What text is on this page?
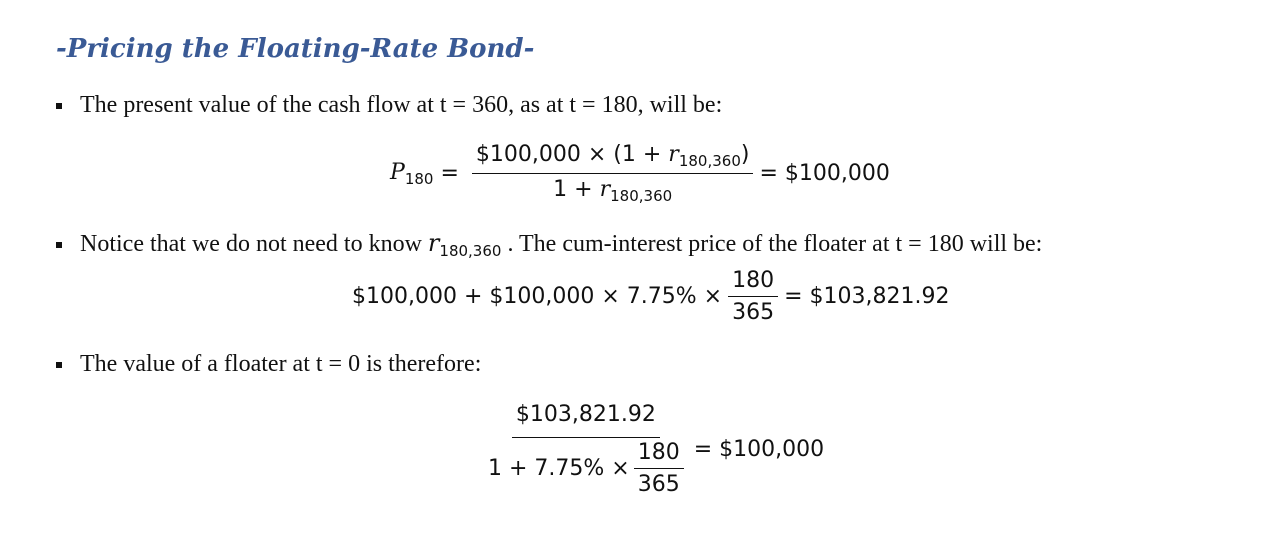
-Pricing the Floating-Rate Bond-
The present value of the cash flow at t = 360, as at t = 180, will be:
$P_{180} = \frac{\$100,000 \times (1 + r_{180,360})}{1 + r_{180,360}}$ = $100,000
Notice that we do not need to know $r_{180,360}$ . The cum-interest price of the floater at t = 180 will be:
$100,000 + $100,000 × $7.75\% \times \frac{180}{365}$ = $103,821.92
The value of a floater at t = 0 is therefore:
$\frac{\$103,821.92}{1 + 7.75\% \times \frac{180}{365}}$ = $100,000
